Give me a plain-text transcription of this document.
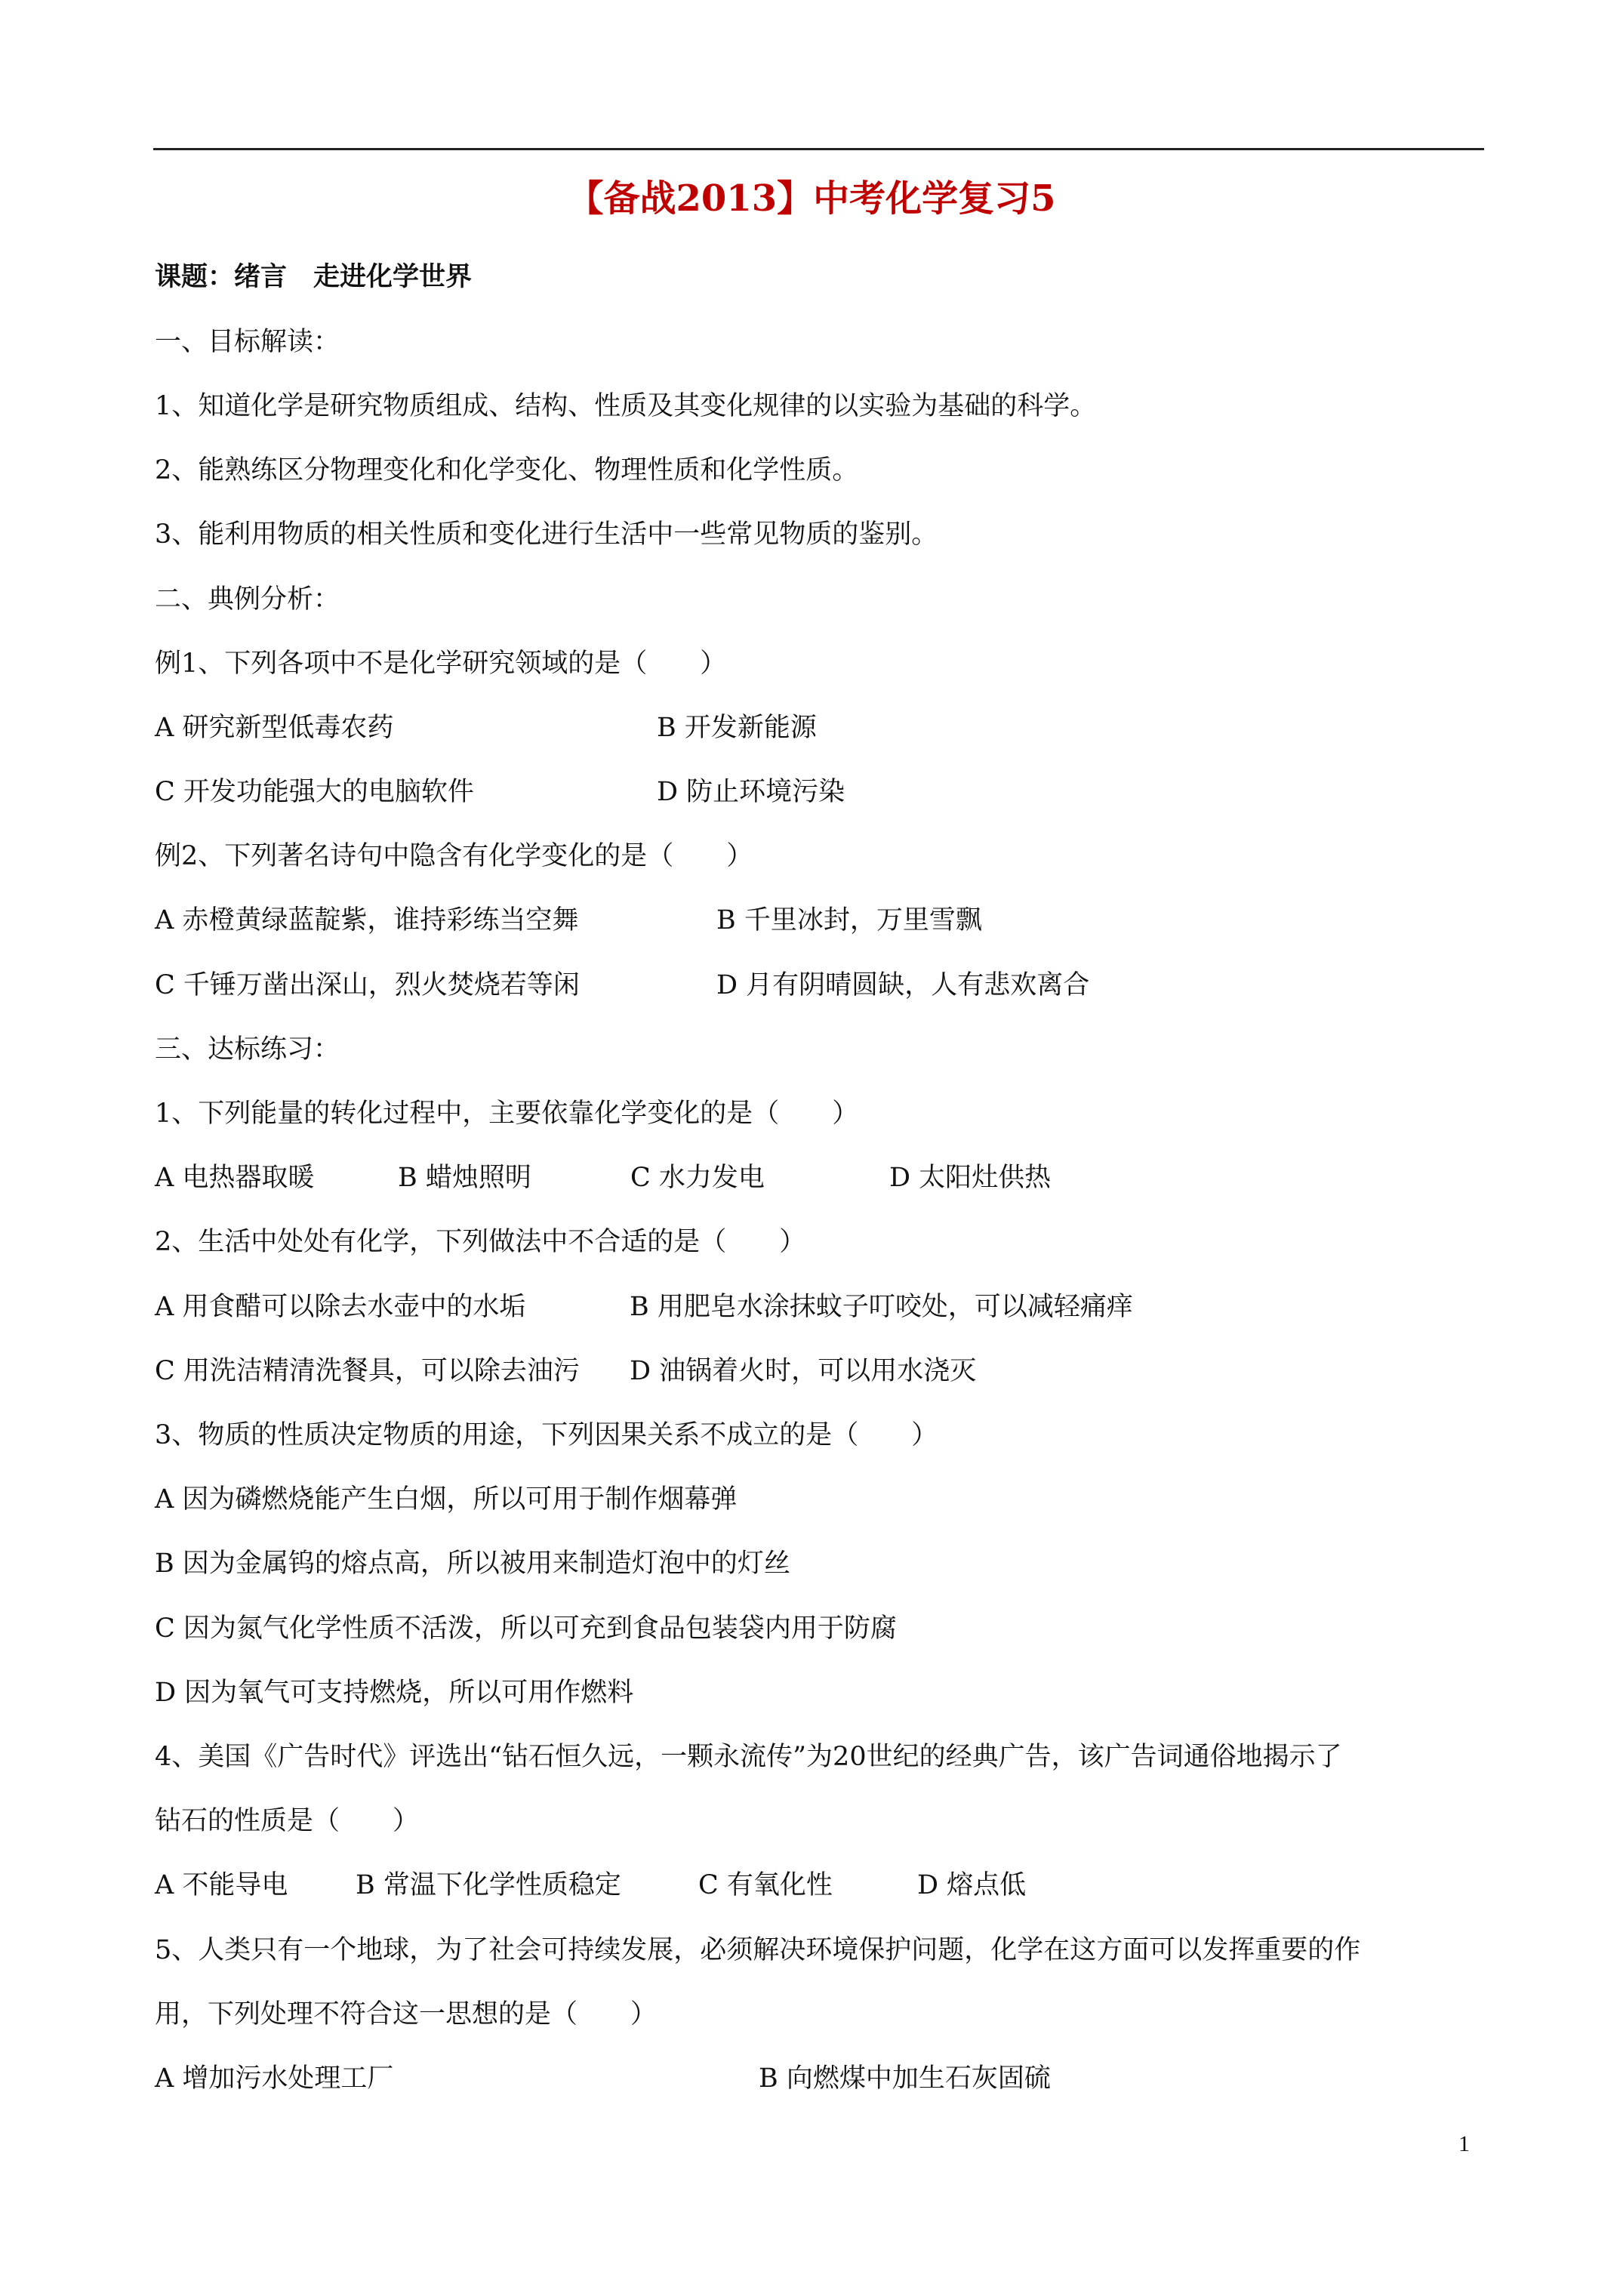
【备战2013】中考化学复习5
课题：绪言　走进化学世界
一、目标解读：
1、知道化学是研究物质组成、结构、性质及其变化规律的以实验为基础的科学。
2、能熟练区分物理变化和化学变化、物理性质和化学性质。
3、能利用物质的相关性质和变化进行生活中一些常见物质的鉴别。
二、典例分析：
例1、下列各项中不是化学研究领域的是（　　）
A 研究新型低毒农药	B 开发新能源
C 开发功能强大的电脑软件	D 防止环境污染
例2、下列著名诗句中隐含有化学变化的是（　　）
A 赤橙黄绿蓝靛紫，谁持彩练当空舞	B 千里冰封，万里雪飘
C 千锤万凿出深山，烈火焚烧若等闲	D 月有阴晴圆缺，人有悲欢离合
三、达标练习：
1、下列能量的转化过程中，主要依靠化学变化的是（　　）
A 电热器取暖	B 蜡烛照明	C 水力发电	D 太阳灶供热
2、生活中处处有化学，下列做法中不合适的是（　　）
A 用食醋可以除去水壶中的水垢	B 用肥皂水涂抹蚊子叮咬处，可以减轻痛痒
C 用洗洁精清洗餐具，可以除去油污 D 油锅着火时，可以用水浇灭
3、物质的性质决定物质的用途，下列因果关系不成立的是（　　）
A 因为磷燃烧能产生白烟，所以可用于制作烟幕弹
B 因为金属钨的熔点高，所以被用来制造灯泡中的灯丝
C 因为氮气化学性质不活泼，所以可充到食品包装袋内用于防腐
D 因为氧气可支持燃烧，所以可用作燃料
4、美国《广告时代》评选出“钻石恒久远，一颗永流传”为20世纪的经典广告，该广告词通俗地揭示了
钻石的性质是（　　）
A 不能导电	B 常温下化学性质稳定	C 有氧化性	D 熔点低
5、人类只有一个地球，为了社会可持续发展，必须解决环境保护问题，化学在这方面可以发挥重要的作
用，下列处理不符合这一思想的是（　　）
A 增加污水处理工厂	B 向燃煤中加生石灰固硫
1
